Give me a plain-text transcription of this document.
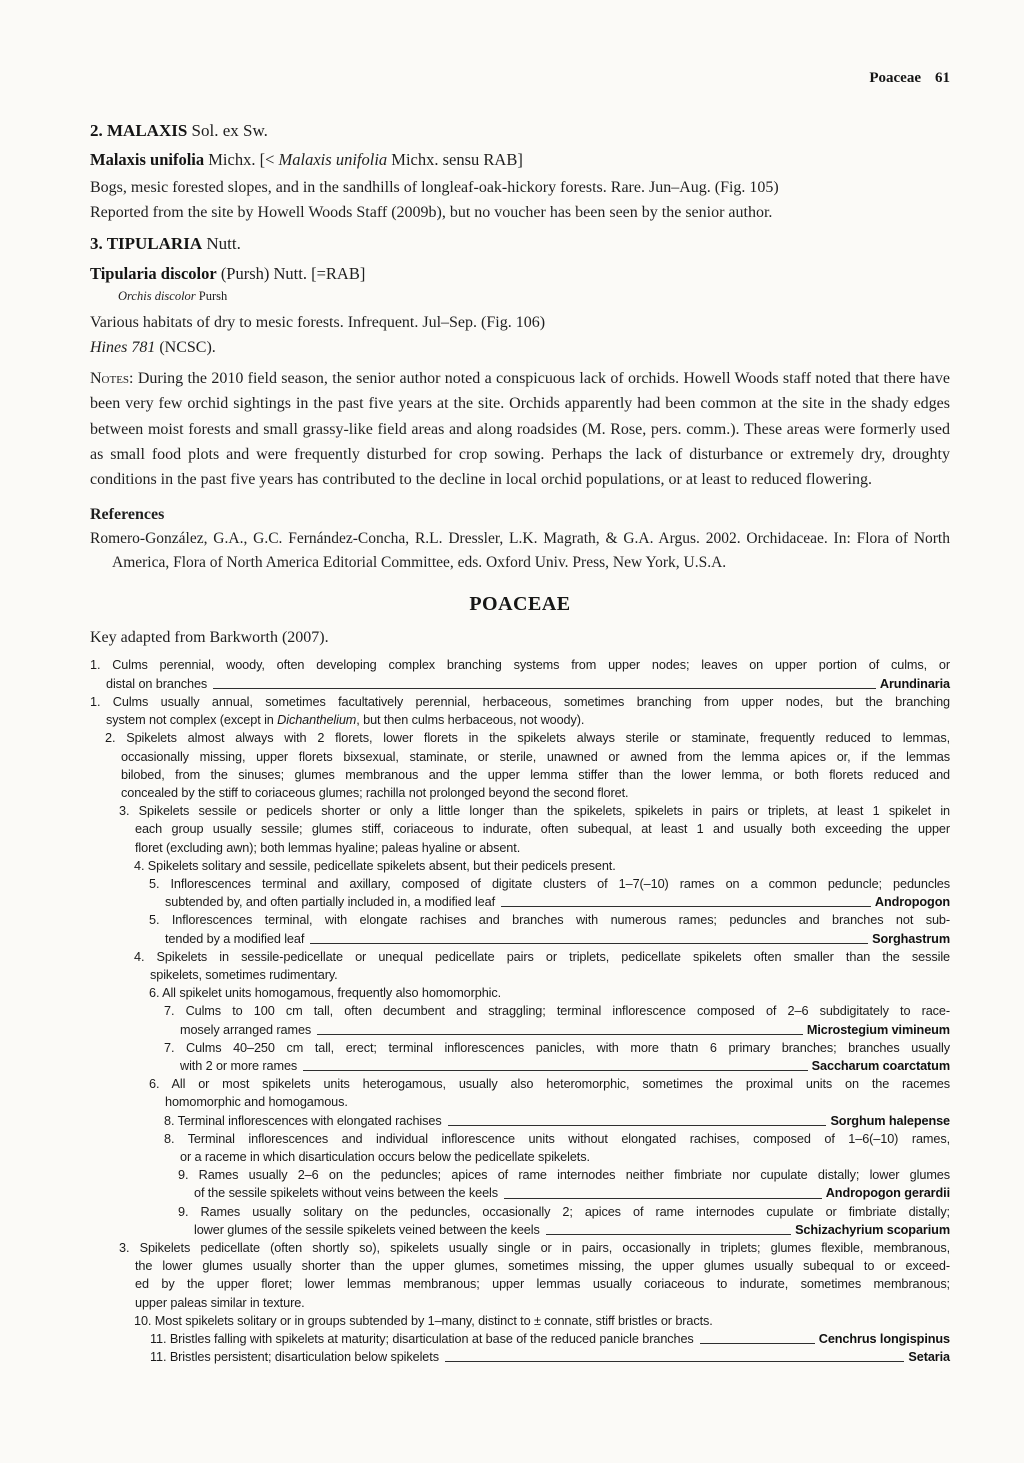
Poaceae 61
2. MALAXIS Sol. ex Sw.
Malaxis unifolia Michx. [< Malaxis unifolia Michx. sensu RAB]
Bogs, mesic forested slopes, and in the sandhills of longleaf-oak-hickory forests. Rare. Jun–Aug. (Fig. 105)
Reported from the site by Howell Woods Staff (2009b), but no voucher has been seen by the senior author.
3. TIPULARIA Nutt.
Tipularia discolor (Pursh) Nutt. [=RAB]
Orchis discolor Pursh
Various habitats of dry to mesic forests. Infrequent. Jul–Sep. (Fig. 106)
Hines 781 (NCSC).
Notes: During the 2010 field season, the senior author noted a conspicuous lack of orchids. Howell Woods staff noted that there have been very few orchid sightings in the past five years at the site. Orchids apparently had been common at the site in the shady edges between moist forests and small grassy-like field areas and along roadsides (M. Rose, pers. comm.). These areas were formerly used as small food plots and were frequently disturbed for crop sowing. Perhaps the lack of disturbance or extremely dry, droughty conditions in the past five years has contributed to the decline in local orchid populations, or at least to reduced flowering.
References
Romero-González, G.A., G.C. Fernández-Concha, R.L. Dressler, L.K. Magrath, & G.A. Argus. 2002. Orchidaceae. In: Flora of North America, Flora of North America Editorial Committee, eds. Oxford Univ. Press, New York, U.S.A.
POACEAE
Key adapted from Barkworth (2007).
1. Culms perennial, woody, often developing complex branching systems from upper nodes; leaves on upper portion of culms, or
distal on branches	Arundinaria
1. Culms usually annual, sometimes facultatively perennial, herbaceous, sometimes branching from upper nodes, but the branching
system not complex (except in Dichanthelium, but then culms herbaceous, not woody).
2. Spikelets almost always with 2 florets, lower florets in the spikelets always sterile or staminate, frequently reduced to lemmas,
occasionally missing, upper florets bixsexual, staminate, or sterile, unawned or awned from the lemma apices or, if the lemmas
bilobed, from the sinuses; glumes membranous and the upper lemma stiffer than the lower lemma, or both florets reduced and
concealed by the stiff to coriaceous glumes; rachilla not prolonged beyond the second floret.
3. Spikelets sessile or pedicels shorter or only a little longer than the spikelets, spikelets in pairs or triplets, at least 1 spikelet in
each group usually sessile; glumes stiff, coriaceous to indurate, often subequal, at least 1 and usually both exceeding the upper
floret (excluding awn); both lemmas hyaline; paleas hyaline or absent.
4. Spikelets solitary and sessile, pedicellate spikelets absent, but their pedicels present.
5. Inflorescences terminal and axillary, composed of digitate clusters of 1–7(–10) rames on a common peduncle; peduncles
subtended by, and often partially included in, a modified leaf	Andropogon
5. Inflorescences terminal, with elongate rachises and branches with numerous rames; peduncles and branches not sub-
tended by a modified leaf	Sorghastrum
4. Spikelets in sessile-pedicellate or unequal pedicellate pairs or triplets, pedicellate spikelets often smaller than the sessile
spikelets, sometimes rudimentary.
6. All spikelet units homogamous, frequently also homomorphic.
7. Culms to 100 cm tall, often decumbent and straggling; terminal inflorescence composed of 2–6 subdigitately to race-
mosely arranged rames	Microstegium vimineum
7. Culms 40–250 cm tall, erect; terminal inflorescences panicles, with more thatn 6 primary branches; branches usually
with 2 or more rames	Saccharum coarctatum
6. All or most spikelets units heterogamous, usually also heteromorphic, sometimes the proximal units on the racemes
homomorphic and homogamous.
8. Terminal inflorescences with elongated rachises	Sorghum halepense
8. Terminal inflorescences and individual inflorescence units without elongated rachises, composed of 1–6(–10) rames,
or a raceme in which disarticulation occurs below the pedicellate spikelets.
9. Rames usually 2–6 on the peduncles; apices of rame internodes neither fimbriate nor cupulate distally; lower glumes
of the sessile spikelets without veins between the keels	Andropogon gerardii
9. Rames usually solitary on the peduncles, occasionally 2; apices of rame internodes cupulate or fimbriate distally;
lower glumes of the sessile spikelets veined between the keels	Schizachyrium scoparium
3. Spikelets pedicellate (often shortly so), spikelets usually single or in pairs, occasionally in triplets; glumes flexible, membranous,
the lower glumes usually shorter than the upper glumes, sometimes missing, the upper glumes usually subequal to or exceed-
ed by the upper floret; lower lemmas membranous; upper lemmas usually coriaceous to indurate, sometimes membranous;
upper paleas similar in texture.
10. Most spikelets solitary or in groups subtended by 1–many, distinct to ± connate, stiff bristles or bracts.
11. Bristles falling with spikelets at maturity; disarticulation at base of the reduced panicle branches	Cenchrus longispinus
11. Bristles persistent; disarticulation below spikelets	Setaria
